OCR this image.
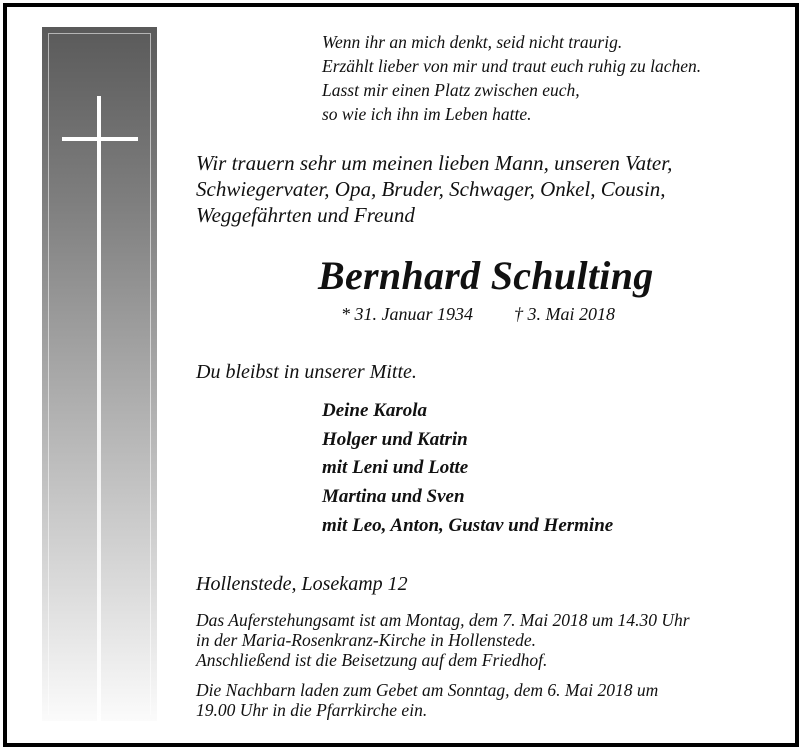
Wenn ihr an mich denkt, seid nicht traurig.
Erzählt lieber von mir und traut euch ruhig zu lachen.
Lasst mir einen Platz zwischen euch,
so wie ich ihn im Leben hatte.
Wir trauern sehr um meinen lieben Mann, unseren Vater,
Schwiegervater, Opa, Bruder, Schwager, Onkel, Cousin,
Weggefährten und Freund
Bernhard Schulting
* 31. Januar 1934 † 3. Mai 2018
Du bleibst in unserer Mitte.
Deine Karola
Holger und Katrin
mit Leni und Lotte
Martina und Sven
mit Leo, Anton, Gustav und Hermine
Hollenstede, Losekamp 12
Das Auferstehungsamt ist am Montag, dem 7. Mai 2018 um 14.30 Uhr
in der Maria-Rosenkranz-Kirche in Hollenstede.
Anschließend ist die Beisetzung auf dem Friedhof.
Die Nachbarn laden zum Gebet am Sonntag, dem 6. Mai 2018 um
19.00 Uhr in die Pfarrkirche ein.
